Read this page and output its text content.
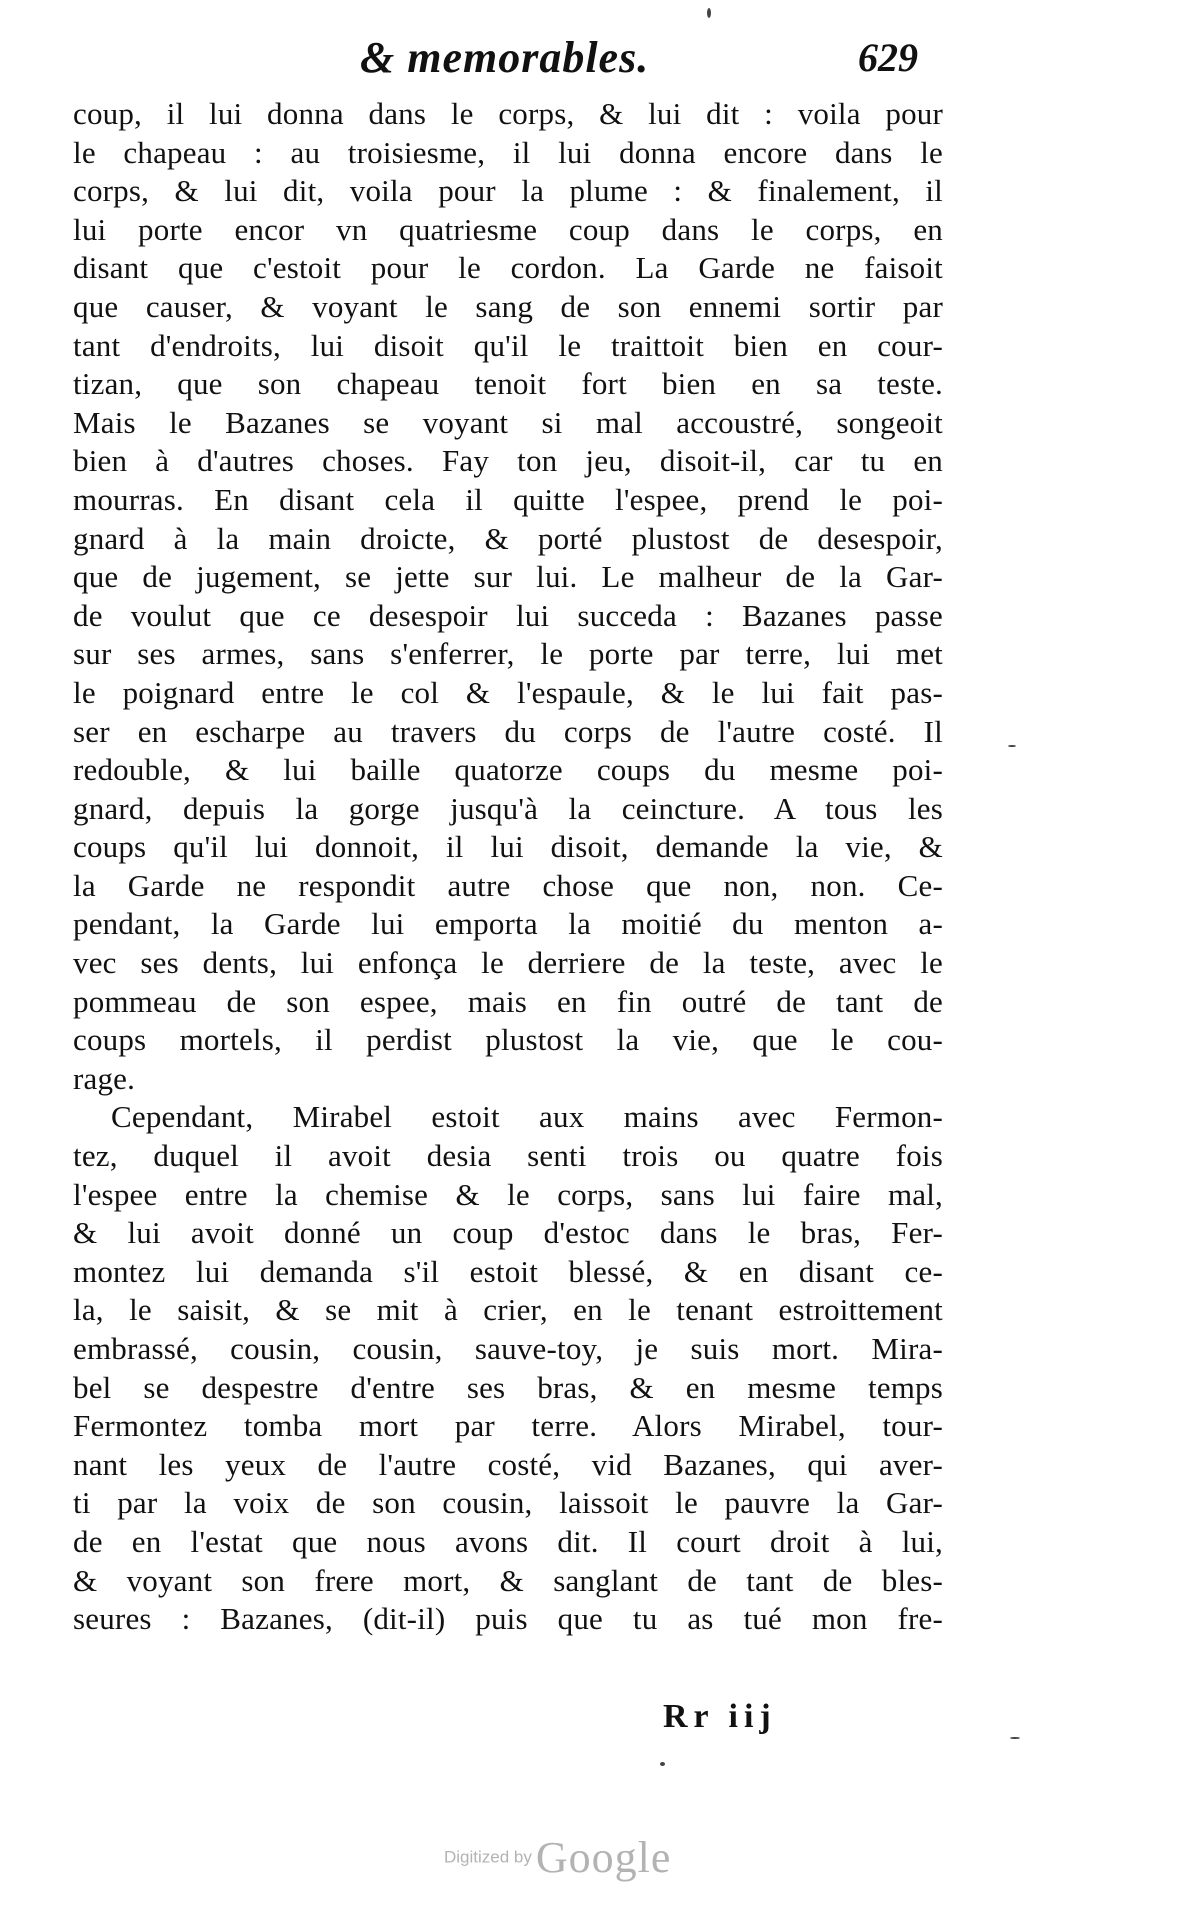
& memorables.	629
coup, il lui donna dans le corps, & lui dit : voila pour
le chapeau : au troisiesme, il lui donna encore dans le
corps, & lui dit, voila pour la plume : & finalement, il
lui porte encor vn quatriesme coup dans le corps, en
disant que c'estoit pour le cordon. La Garde ne faisoit
que causer, & voyant le sang de son ennemi sortir par
tant d'endroits, lui disoit qu'il le traittoit bien en cour-
tizan, que son chapeau tenoit fort bien en sa teste.
Mais le Bazanes se voyant si mal accoustré, songeoit
bien à d'autres choses. Fay ton jeu, disoit-il, car tu en
mourras. En disant cela il quitte l'espee, prend le poi-
gnard à la main droicte, & porté plustost de desespoir,
que de jugement, se jette sur lui. Le malheur de la Gar-
de voulut que ce desespoir lui succeda : Bazanes passe
sur ses armes, sans s'enferrer, le porte par terre, lui met
le poignard entre le col & l'espaule, & le lui fait pas-
ser en escharpe au travers du corps de l'autre costé. Il
redouble, & lui baille quatorze coups du mesme poi-
gnard, depuis la gorge jusqu'à la ceincture. A tous les
coups qu'il lui donnoit, il lui disoit, demande la vie, &
la Garde ne respondit autre chose que non, non. Ce-
pendant, la Garde lui emporta la moitié du menton a-
vec ses dents, lui enfonça le derriere de la teste, avec le
pommeau de son espee, mais en fin outré de tant de
coups mortels, il perdist plustost la vie, que le cou-
rage.
Cependant, Mirabel estoit aux mains avec Fermon-
tez, duquel il avoit desia senti trois ou quatre fois
l'espee entre la chemise & le corps, sans lui faire mal,
& lui avoit donné un coup d'estoc dans le bras, Fer-
montez lui demanda s'il estoit blessé, & en disant ce-
la, le saisit, & se mit à crier, en le tenant estroittement
embrassé, cousin, cousin, sauve-toy, je suis mort. Mira-
bel se despestre d'entre ses bras, & en mesme temps
Fermontez tomba mort par terre. Alors Mirabel, tour-
nant les yeux de l'autre costé, vid Bazanes, qui aver-
ti par la voix de son cousin, laissoit le pauvre la Gar-
de en l'estat que nous avons dit. Il court droit à lui,
& voyant son frere mort, & sanglant de tant de bles-
seures : Bazanes, (dit-il) puis que tu as tué mon fre-
Rr iij
Digitized by Google
